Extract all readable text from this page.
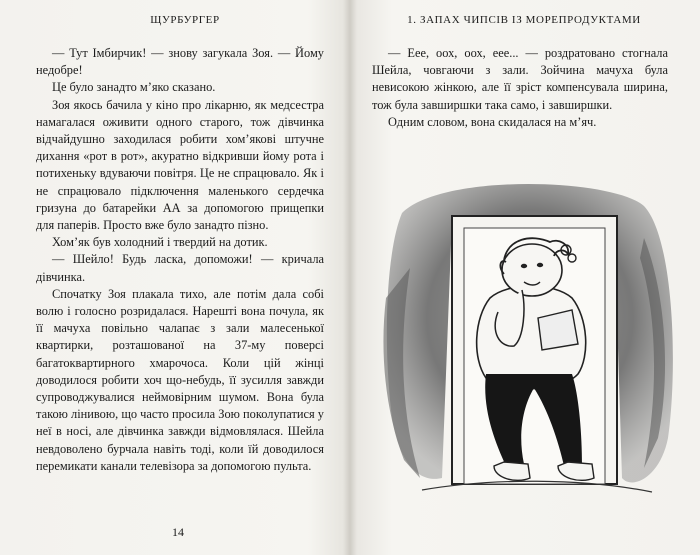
ЩУРБУРГЕР

— Тут Імбирчик! — знову загукала Зоя. — Йому недобре!

Це було занадто м’яко сказано.

Зоя якось бачила у кіно про лікарню, як медсестра намагалася оживити одного старого, тож дівчинка відчайдушно заходилася робити хом’якові штучне дихання «рот в рот», акуратно відкривши йому рота і потихеньку вдуваючи повітря. Це не спрацювало. Як і не спрацювало підключення маленького сердечка гризуна до батарейки АА за допомогою прищепки для паперів. Просто вже було занадто пізно.

Хом’як був холодний і твердий на дотик.

— Шейло! Будь ласка, допоможи! — кричала дівчинка.

Спочатку Зоя плакала тихо, але потім дала собі волю і голосно розридалася. Нарешті вона почула, як її мачуха повільно чалапає з зали малесенької квартирки, розташованої на 37-му поверсі багатоквартирного хмарочоса. Коли цій жінці доводилося робити хоч що-небудь, її зусилля завжди супроводжувалися неймовірним шумом. Вона була такою лінивою, що часто просила Зою поколупатися у неї в носі, але дівчинка завжди відмовлялася. Шейла невдоволено бурчала навіть тоді, коли їй доводилося перемикати канали телевізора за допомогою пульта.

14
1. ЗАПАХ ЧИПСІВ ІЗ МОРЕПРОДУКТАМИ

— Еее, оох, оох, еее... — роздратовано стогнала Шейла, човгаючи з зали. Зойчина мачуха була невисокою жінкою, але її зріст компенсувала ширина, тож була завширшки така само, і завширшки.

Одним словом, вона скидалася на м’яч.
